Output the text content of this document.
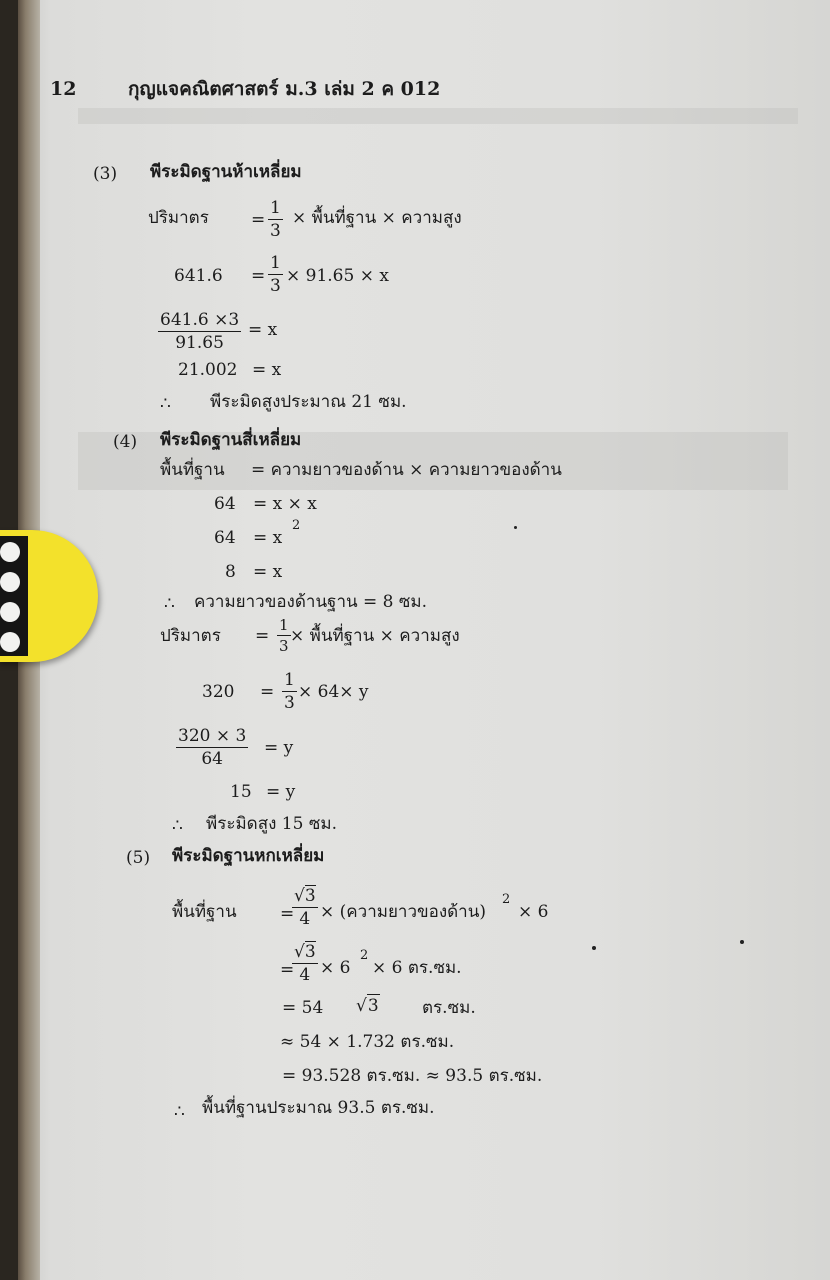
12	กุญแจคณิตศาสตร์ ม.3 เล่ม 2 ค 012
(3) พีระมิดฐานห้าเหลี่ยม
ปริมาตร = $\frac{1}{3}$ × พื้นที่ฐาน × ความสูง
$641.6 = \frac{1}{3} \times 91.65 \times x$
$\frac{641.6 \times 3}{91.65} = x$
21.002 = x
∴ พีระมิดสูงประมาณ 21 ซม.
(4) พีระมิดฐานสี่เหลี่ยม
พื้นที่ฐาน = ความยาวของด้าน × ความยาวของด้าน
64 = x × x
64 = x
2
8 = x
∴ ความยาวของด้านฐาน = 8 ซม.
ปริมาตร = $\frac{1}{3}$ × พื้นที่ฐาน × ความสูง
$320 = \frac{1}{3} \times 64\times y$
$\frac{320 \times 3}{64} = y$
15 = y
∴ พีระมิดสูง 15 ซม.
(5) พีระมิดฐานหกเหลี่ยม
พื้นที่ฐาน	=
$\frac{√3}{4}$ × (ความยาวของด้าน)
2
× 6
=
$\frac{√3}{4} \times 6$
2
× 6 ตร.ซม.
= 54 √3	ตร.ซม.
≈ 54 × 1.732 ตร.ซม.
= 93.528 ตร.ซม. ≈ 93.5 ตร.ซม.
∴ พื้นที่ฐานประมาณ 93.5 ตร.ซม.
